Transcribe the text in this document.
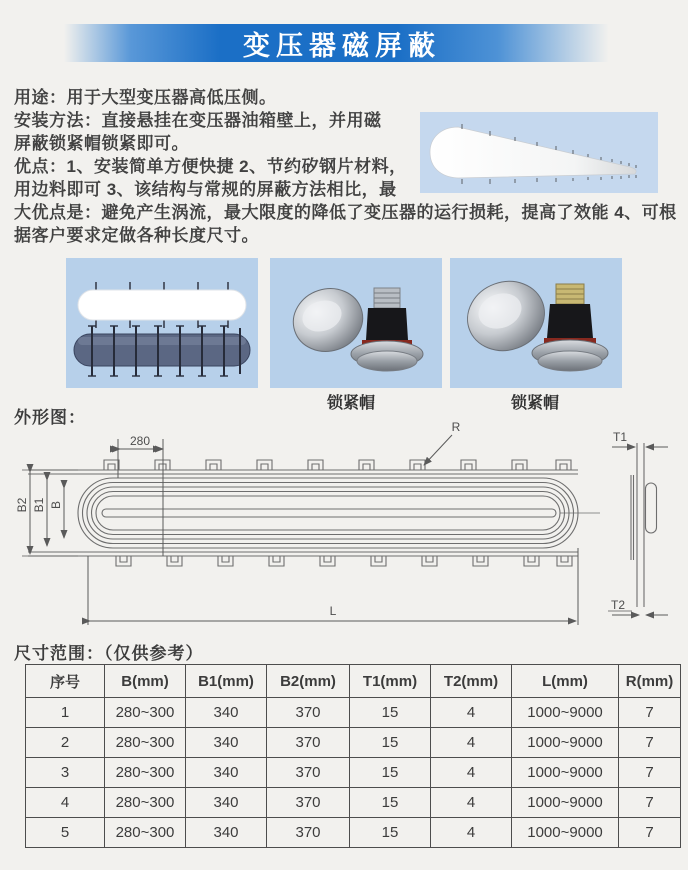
变压器磁屏蔽
用途：用于大型变压器高低压侧。
安装方法：直接悬挂在变压器油箱壁上，并用磁
屏蔽锁紧帽锁紧即可。
优点：1、安装简单方便快捷 2、节约矽钢片材料，
用边料即可 3、该结构与常规的屏蔽方法相比，最
大优点是：避免产生涡流，最大限度的降低了变压器的运行损耗，提高了效能 4、可根
据客户要求定做各种长度尺寸。
锁紧帽	锁紧帽
外形图：
280
R
B2 B1 B
L
T1
T2
尺寸范围：（仅供参考）
序号	B(mm)	B1(mm)	B2(mm)	T1(mm)	T2(mm)	L(mm)	R(mm)
1	280~300	340	370	15	4	1000~9000	7
2	280~300	340	370	15	4	1000~9000	7
3	280~300	340	370	15	4	1000~9000	7
4	280~300	340	370	15	4	1000~9000	7
5	280~300	340	370	15	4	1000~9000	7
